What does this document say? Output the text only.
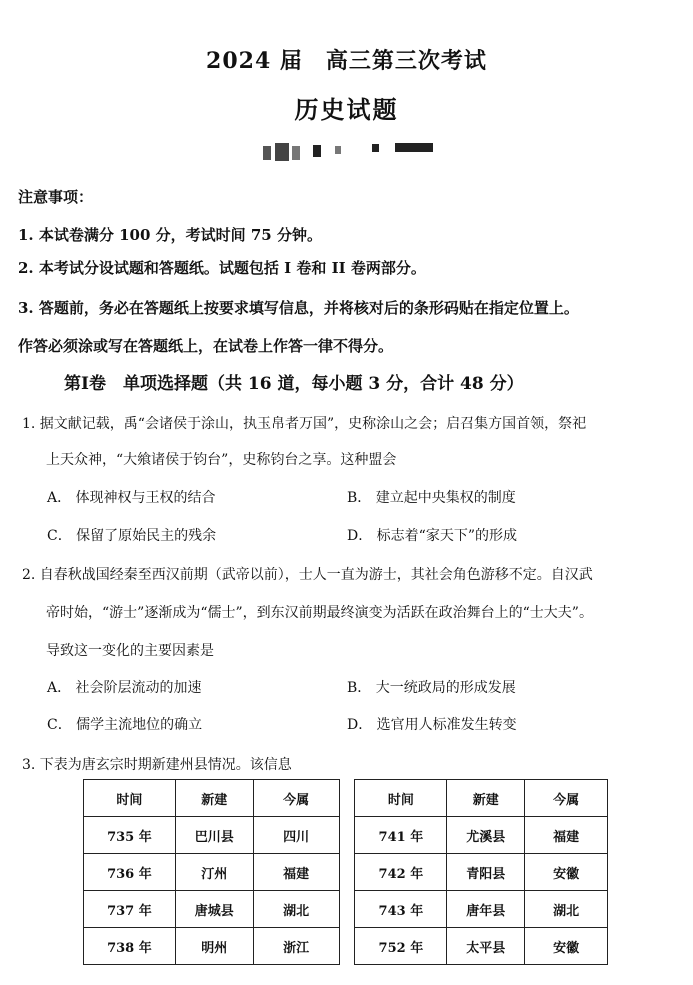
2024 届　高三第三次考试
历史试题
注意事项：
1. 本试卷满分 100 分，考试时间 75 分钟。
2. 本考试分设试题和答题纸。试题包括 I 卷和 II 卷两部分。
3. 答题前，务必在答题纸上按要求填写信息，并将核对后的条形码贴在指定位置上。
作答必须涂或写在答题纸上，在试卷上作答一律不得分。
第Ⅰ卷　单项选择题（共 16 道，每小题 3 分，合计 48 分）
1. 据文献记载，禹“会诸侯于涂山，执玉帛者万国”，史称涂山之会；启召集方国首领，祭祀
上天众神，“大飨诸侯于钧台”，史称钧台之享。这种盟会
A． 体现神权与王权的结合	B． 建立起中央集权的制度
C． 保留了原始民主的残余	D． 标志着“家天下”的形成
2. 自春秋战国经秦至西汉前期（武帝以前），士人一直为游士，其社会角色游移不定。自汉武
帝时始，“游士”逐渐成为“儒士”，到东汉前期最终演变为活跃在政治舞台上的“士大夫”。
导致这一变化的主要因素是
A． 社会阶层流动的加速	B． 大一统政局的形成发展
C． 儒学主流地位的确立	D． 选官用人标准发生转变
3. 下表为唐玄宗时期新建州县情况。该信息
时间	新建	今属		时间	新建	今属
735 年	巴川县	四川		741 年	尤溪县	福建
736 年	汀州	福建		742 年	青阳县	安徽
737 年	唐城县	湖北		743 年	唐年县	湖北
738 年	明州	浙江		752 年	太平县	安徽
